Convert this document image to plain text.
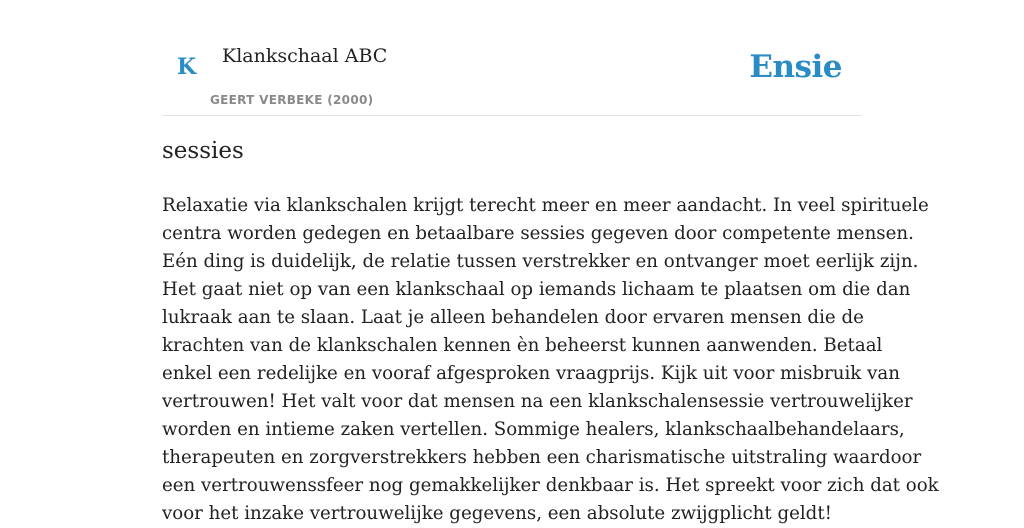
K Klankschaal ABC
GEERT VERBEKE (2000)
Ensie
sessies

Relaxatie via klankschalen krijgt terecht meer en meer aandacht. In veel spirituele
centra worden gedegen en betaalbare sessies gegeven door competente mensen.
Eén ding is duidelijk, de relatie tussen verstrekker en ontvanger moet eerlijk zijn.
Het gaat niet op van een klankschaal op iemands lichaam te plaatsen om die dan
lukraak aan te slaan. Laat je alleen behandelen door ervaren mensen die de
krachten van de klankschalen kennen èn beheerst kunnen aanwenden. Betaal
enkel een redelijke en vooraf afgesproken vraagprijs. Kijk uit voor misbruik van
vertrouwen! Het valt voor dat mensen na een klankschalensessie vertrouwelijker
worden en intieme zaken vertellen. Sommige healers, klankschaalbehandelaars,
therapeuten en zorgverstrekkers hebben een charismatische uitstraling waardoor
een vertrouwenssfeer nog gemakkelijker denkbaar is. Het spreekt voor zich dat ook
voor het inzake vertrouwelijke gegevens, een absolute zwijgplicht geldt!
